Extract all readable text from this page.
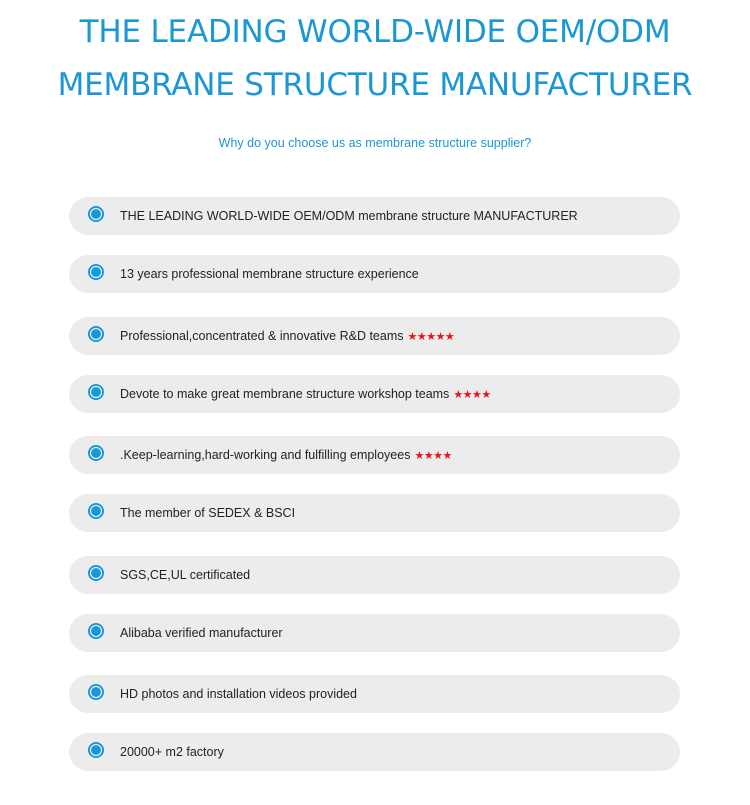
THE LEADING WORLD-WIDE OEM/ODM
MEMBRANE STRUCTURE MANUFACTURER

Why do you choose us as membrane structure supplier?

THE LEADING WORLD-WIDE OEM/ODM membrane structure MANUFACTURER
13 years professional membrane structure experience
Professional,concentrated & innovative R&D teams ★★★★★
Devote to make great membrane structure workshop teams ★★★★
.Keep-learning,hard-working and fulfilling employees ★★★★
The member of SEDEX & BSCI
SGS,CE,UL certificated
Alibaba verified manufacturer
HD photos and installation videos provided
20000+ m2 factory
